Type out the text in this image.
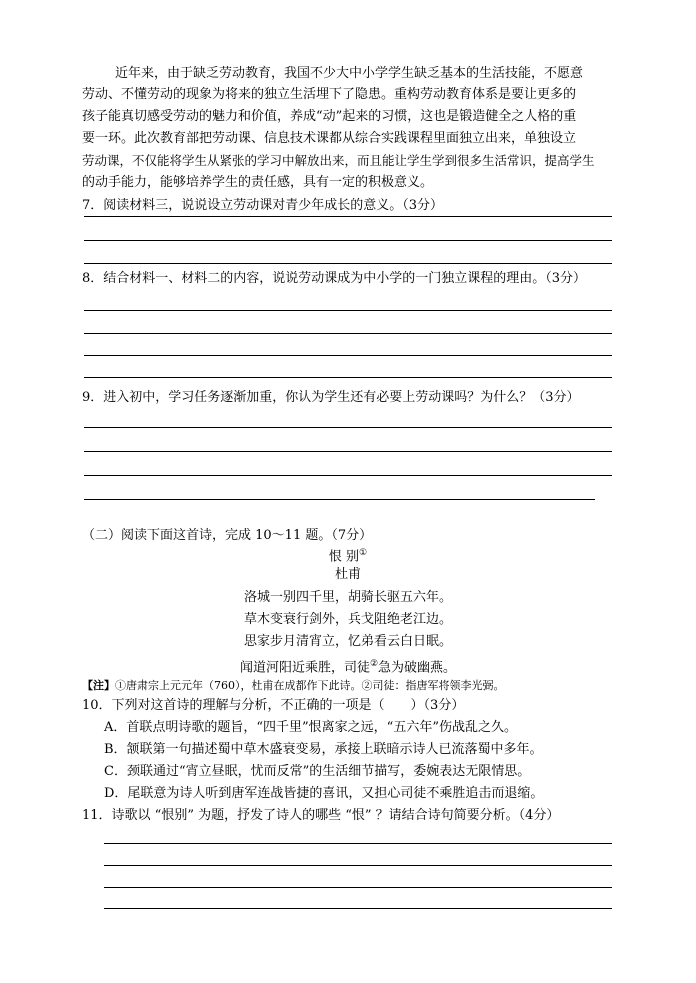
近年来，由于缺乏劳动教育，我国不少大中小学学生缺乏基本的生活技能，不愿意
劳动、不懂劳动的现象为将来的独立生活埋下了隐患。重构劳动教育体系是要让更多的
孩子能真切感受劳动的魅力和价值，养成“动”起来的习惯，这也是锻造健全之人格的重
要一环。此次教育部把劳动课、信息技术课都从综合实践课程里面独立出来，单独设立
劳动课，不仅能将学生从紧张的学习中解放出来，而且能让学生学到很多生活常识，提高学生
的动手能力，能够培养学生的责任感，具有一定的积极意义。
7．阅读材料三，说说设立劳动课对青少年成长的意义。（3分）
8．结合材料一、材料二的内容，说说劳动课成为中小学的一门独立课程的理由。（3分）
9．进入初中，学习任务逐渐加重，你认为学生还有必要上劳动课吗？为什么？（3分）
（二）阅读下面这首诗，完成 10～11 题。（7分）
恨 别①
杜甫
洛城一别四千里，胡骑长驱五六年。
草木变衰行剑外，兵戈阻绝老江边。
思家步月清宵立，忆弟看云白日眠。
闻道河阳近乘胜，司徒②急为破幽燕。
【注】①唐肃宗上元元年（760），杜甫在成都作下此诗。②司徒：指唐军将领李光弼。
10．下列对这首诗的理解与分析，不正确的一项是（　　）（3分）
A．首联点明诗歌的题旨，“四千里”恨离家之远，“五六年”伤战乱之久。
B．颔联第一句描述蜀中草木盛衰变易，承接上联暗示诗人已流落蜀中多年。
C．颈联通过“宵立昼眠，忧而反常”的生活细节描写，委婉表达无限情思。
D．尾联意为诗人听到唐军连战皆捷的喜讯，又担心司徒不乘胜追击而退缩。
11．诗歌以 “恨别” 为题，抒发了诗人的哪些 “恨” ？请结合诗句简要分析。（4分）
